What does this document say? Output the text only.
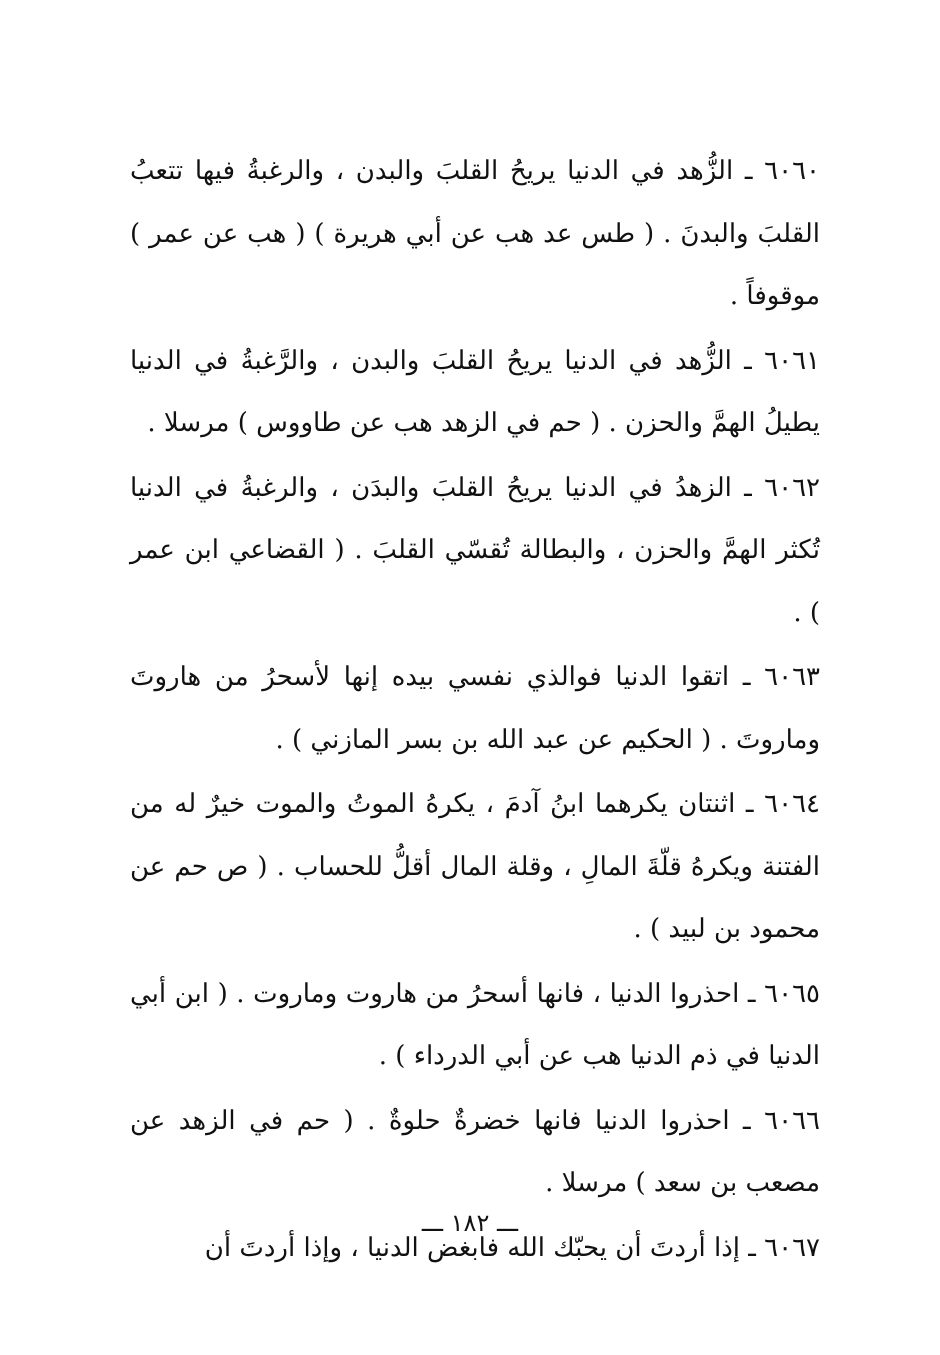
٦٠٦٠ ـ الزُّهد في الدنيا يريحُ القلبَ والبدن ، والرغبةُ فيها تتعبُ القلبَ والبدنَ . ( طس عد هب عن أبي هريرة ) ( هب عن عمر ) موقوفاً .

٦٠٦١ ـ الزُّهد في الدنيا يريحُ القلبَ والبدن ، والرَّغبةُ في الدنيا يطيلُ الهمَّ والحزن . ( حم في الزهد هب عن طاووس ) مرسلا .

٦٠٦٢ ـ الزهدُ في الدنيا يريحُ القلبَ والبدَن ، والرغبةُ في الدنيا تُكثر الهمَّ والحزن ، والبطالة تُقسّي القلبَ . ( القضاعي ابن عمر ) .

٦٠٦٣ ـ اتقوا الدنيا فوالذي نفسي بيده إنها لأسحرُ من هاروتَ وماروتَ . ( الحكيم عن عبد الله بن بسر المازني ) .

٦٠٦٤ ـ اثنتان يكرهما ابنُ آدمَ ، يكرهُ الموتُ والموت خيرٌ له من الفتنة ويكرهُ قلّةَ المالِ ، وقلة المال أقلُّ للحساب . ( ص حم عن محمود بن لبيد ) .

٦٠٦٥ ـ احذروا الدنيا ، فانها أسحرُ من هاروت وماروت . ( ابن أبي الدنيا في ذم الدنيا هب عن أبي الدرداء ) .

٦٠٦٦ ـ احذروا الدنيا فانها خضرةٌ حلوةٌ . ( حم في الزهد عن مصعب بن سعد ) مرسلا .

٦٠٦٧ ـ إذا أردتَ أن يحبّك الله فابغض الدنيا ، وإذا أردتَ أن

ـــ ١٨٢ ـــ
